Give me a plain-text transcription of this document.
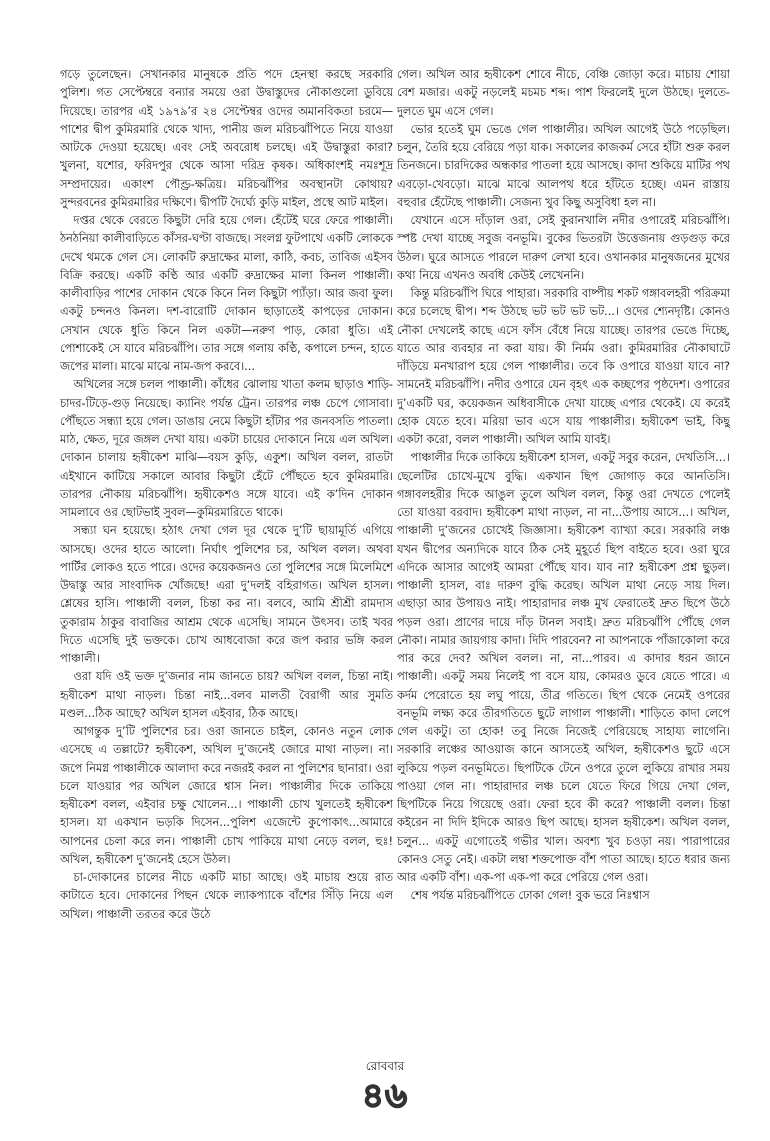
গড়ে তুলেছেন। সেখানকার মানুষকে প্রতি পদে হেনস্থা করছে সরকারি পুলিশ। গত সেপ্টেম্বরে বন্যার সময়ে ওরা উদ্বাস্তুদের নৌকাগুলো ডুবিয়ে দিয়েছে। তারপর এই ১৯৭৯’র ২৪ সেপ্টেম্বর ওদের অমানবিকতা চরমে—পাশের দ্বীপ কুমিরমারি থেকে খাদ্য, পানীয় জল মরিচঝাঁপিতে নিয়ে যাওয়া আটকে দেওয়া হয়েছে। এবং সেই অবরোধ চলছে। এই উদ্বাস্তুরা কারা? খুলনা, যশোর, ফরিদপুর থেকে আসা দরিদ্র কৃষক। অধিকাংশই নমঃশূদ্র সম্প্রদায়ের। একাংশ পৌণ্ড্র-ক্ষত্রিয়। মরিচঝাঁপির অবস্থানটা কোথায়? সুন্দরবনের কুমিরমারির দক্ষিণে। দ্বীপটি দৈর্ঘ্যে কুড়ি মাইল, প্রস্থে আট মাইল।

দপ্তর থেকে বেরতে কিছুটা দেরি হয়ে গেল। হেঁটেই ঘরে ফেরে পাঞ্চালী। ঠনঠনিয়া কালীবাড়িতে কাঁসর-ঘণ্টা বাজছে। সংলগ্ন ফুটপাথে একটি লোককে দেখে থমকে গেল সে। লোকটি রুদ্রাক্ষের মালা, কাঠি, কবচ, তাবিজ এইসব বিক্রি করছে। একটি কণ্ঠি আর একটি রুদ্রাক্ষের মালা কিনল পাঞ্চালী। কালীবাড়ির পাশের দোকান থেকে কিনে নিল কিছুটা প্যাঁড়া। আর জবা ফুল। একটু চন্দনও কিনল। দশ-বারোটি দোকান ছাড়াতেই কাপড়ের দোকান। সেখান থেকে ধুতি কিনে নিল একটা—নরুণ পাড়, কোরা ধুতি। এই পোশাকেই সে যাবে মরিচঝাঁপি। তার সঙ্গে গলায় কণ্ঠি, কপালে চন্দন, হাতে জপের মালা। মাঝে মাঝে নাম-জপ করবে।...

অখিলের সঙ্গে চলল পাঞ্চালী। কাঁধের ঝোলায় খাতা কলম ছাড়াও শাড়ি-চাদর-টিড়ে-গুড় নিয়েছে। ক্যানিং পর্যন্ত ট্রেন। তারপর লঞ্চ চেপে গোসাবা। পৌঁছতে সন্ধ্যা হয়ে গেল। ডাঙায় নেমে কিছুটা হাঁটার পর জনবসতি পাতলা। মাঠ, ক্ষেত, দূরে জঙ্গল দেখা যায়। একটা চায়ের দোকানে নিয়ে এল অখিল। দোকান চালায় হৃষীকেশ মাঝি—বয়স কুড়ি, একুশ। অখিল বলল, রাতটা এইখানে কাটিয়ে সকালে আবার কিছুটা হেঁটে পৌঁছতে হবে কুমিরমারি। তারপর নৌকায় মরিচঝাঁপি। হৃষীকেশও সঙ্গে যাবে। এই ক’দিন দোকান সামলাবে ওর ছোটভাই সুবল—কুমিরমারিতে থাকে।

সন্ধ্যা ঘন হয়েছে। হঠাৎ দেখা গেল দূর থেকে দু’টি ছায়ামূর্তি এগিয়ে আসছে। ওদের হাতে আলো। নির্ঘাৎ পুলিশের চর, অখিল বলল। অথবা পার্টির লোকও হতে পারে। ওদের কয়েকজনও তো পুলিশের সঙ্গে মিলেমিশে উদ্বাস্তু আর সাংবাদিক খোঁজছে! এরা দু’দলই বহিরাগত। অখিল হাসল। শ্লেষের হাসি। পাঞ্চালী বলল, চিন্তা কর না। বলবে, আমি শ্রীশ্রী রামদাস তুকারাম ঠাকুর বাবাজির আশ্রম থেকে এসেছি। সামনে উৎসব। তাই খবর দিতে এসেছি দুই ভক্তকে। চোখ আধবোজা করে জপ করার ভঙ্গি করল পাঞ্চালী।

ওরা যদি ওই ভক্ত দু’জনার নাম জানতে চায়? অখিল বলল, চিন্তা নাই। হৃষীকেশ মাথা নাড়ল। চিন্তা নাই...বলব মালতী বৈরাগী আর সুমতি মণ্ডল...ঠিক আছে? অখিল হাসল এইবার, ঠিক আছে।

আগন্তুক দু’টি পুলিশের চর। ওরা জানতে চাইল, কোনও নতুন লোক এসেছে এ তল্লাটে? হৃষীকেশ, অখিল দু’জনেই জোরে মাথা নাড়ল। না। জপে নিমগ্ন পাঞ্চালীকে আলাদা করে নজরই করল না পুলিশের ছানারা। ওরা চলে যাওয়ার পর অখিল জোরে শ্বাস নিল। পাঞ্চালীর দিকে তাকিয়ে হৃষীকেশ বলল, এইবার চক্ষু খোলেন...। পাঞ্চালী চোখ খুলতেই হৃষীকেশ হাসল। যা একখান ভড়কি দিসেন...পুলিশ এজেন্টে কুপোকাৎ...আমারে আপনের চেলা করে লন। পাঞ্চালী চোখ পাকিয়ে মাথা নেড়ে বলল, হুঃ! অখিল, হৃষীকেশ দু’জনেই হেসে উঠল।

চা-দোকানের চালের নীচে একটি মাচা আছে। ওই মাচায় শুয়ে রাত কাটাতে হবে। দোকানের পিছন থেকে ল্যাকপ্যাকে বাঁশের সিঁড়ি নিয়ে এল অখিল। পাঞ্চালী তরতর করে উঠে

গেল। অখিল আর হৃষীকেশ শোবে নীচে, বেঞ্চি জোড়া করে। মাচায় শোয়া বেশ মজার। একটু নড়লেই মচমচ শব্দ। পাশ ফিরলেই দুলে উঠছে। দুলতে-দুলতে ঘুম এসে গেল।

ভোর হতেই ঘুম ভেঙে গেল পাঞ্চালীর। অখিল আগেই উঠে পড়েছিল। চলুন, তৈরি হয়ে বেরিয়ে পড়া যাক। সকালের কাজকর্ম সেরে হাঁটা শুরু করল তিনজনে। চারদিকের অন্ধকার পাতলা হয়ে আসছে। কাদা শুকিয়ে মাটির পথ এবড়ো-খেবড়ো। মাঝে মাঝে আলপথ ধরে হাঁটতে হচ্ছে। এমন রাস্তায় বহুবার হেঁটেছে পাঞ্চালী। সেজন্য খুব কিছু অসুবিধা হল না।

যেখানে এসে দাঁড়াল ওরা, সেই কুরানখালি নদীর ওপারেই মরিচঝাঁপি। স্পষ্ট দেখা যাচ্ছে সবুজ বনভূমি। বুকের ভিতরটা উত্তেজনায় গুড়গুড় করে উঠল। ঘুরে আসতে পারলে দারুণ লেখা হবে। ওখানকার মানুষজনের মুখের কথা নিয়ে এখনও অবধি কেউই লেখেননি।

কিন্তু মরিচঝাঁপি ঘিরে পাহারা। সরকারি বাষ্পীয় শকট গঙ্গাবলহরী পরিক্রমা করে চলেছে দ্বীপ। শব্দ উঠছে ভট ভট ভট ভট...। ওদের শ্যেনদৃষ্টি। কোনও নৌকা দেখলেই কাছে এসে ফাঁস বেঁধে নিয়ে যাচ্ছে। তারপর ভেঙে দিচ্ছে, যাতে আর ব্যবহার না করা যায়। কী নির্মম ওরা। কুমিরমারির নৌকাঘাটে দাঁড়িয়ে মনখারাপ হয়ে গেল পাঞ্চালীর। তবে কি ওপারে যাওয়া যাবে না? সামনেই মরিচঝাঁপি। নদীর ওপারে যেন বৃহৎ এক কচ্ছপের পৃষ্ঠদেশ। ওপারের দু’একটি ঘর, কয়েকজন অধিবাসীকে দেখা যাচ্ছে এপার থেকেই। যে করেই হোক যেতে হবে। মরিয়া ভাব এসে যায় পাঞ্চালীর। হৃষীকেশ ভাই, কিছু একটা করো, বলল পাঞ্চালী। অখিল আমি যাবই।

পাঞ্চালীর দিকে তাকিয়ে হৃষীকেশ হাসল, একটু সবুর করেন, দেখতিসি...। ছেলেটির চোখে-মুখে বুদ্ধি। একখান ছিপ জোগাড় করে আনতিসি। গঙ্গাবলহরীর দিকে আঙুল তুলে অখিল বলল, কিন্তু ওরা দেখতে পেলেই তো যাওয়া বরবাদ। হৃষীকেশ মাথা নাড়ল, না না...উপায় আসে...। অখিল, পাঞ্চালী দু’জনের চোখেই জিজ্ঞাসা। হৃষীকেশ ব্যাখ্যা করে। সরকারি লঞ্চ যখন দ্বীপের অন্যদিকে যাবে ঠিক সেই মুহূর্তে ছিপ বাইতে হবে। ওরা ঘুরে এদিকে আসার আগেই আমরা পৌঁছে যাব। যাব না? হৃষীকেশ প্রশ্ন ছুড়ল। পাঞ্চালী হাসল, বাঃ দারুণ বুদ্ধি করেছ। অখিল মাথা নেড়ে সায় দিল। এছাড়া আর উপায়ও নাই। পাহারাদার লঞ্চ মুখ ফেরাতেই দ্রুত ছিপে উঠে পড়ল ওরা। প্রাণের দায়ে দাঁড় টানল সবাই। দ্রুত মরিচঝাঁপি পৌঁছে গেল নৌকা। নামার জায়গায় কাদা। দিদি পারবেন? না আপনাকে পাঁজাকোলা করে পার করে দেব? অখিল বলল। না, না...পারব। এ কাদার ধরন জানে পাঞ্চালী। একটু সময় নিলেই পা বসে যায়, কোমরও ডুবে যেতে পারে। এ কর্দম পেরোতে হয় লঘু পায়ে, তীব্র গতিতে। ছিপ থেকে নেমেই ওপরের বনভূমি লক্ষ্য করে তীরগতিতে ছুটে লাগাল পাঞ্চালী। শাড়িতে কাদা লেপে গেল একটু। তা হোক! তবু নিজে নিজেই পেরিয়েছে সাহায্য লাগেনি। সরকারি লঞ্চের আওয়াজ কানে আসতেই অখিল, হৃষীকেশও ছুটে এসে লুকিয়ে পড়ল বনভূমিতে। ছিপটিকে টেনে ওপরে তুলে লুকিয়ে রাখার সময় পাওয়া গেল না। পাহারাদার লঞ্চ চলে যেতে ফিরে গিয়ে দেখা গেল, ছিপটিকে নিয়ে গিয়েছে ওরা। ফেরা হবে কী করে? পাঞ্চালী বলল। চিন্তা কইরেন না দিদি ইদিকে আরও ছিপ আছে। হাসল হৃষীকেশ। অখিল বলল, চলুন... একটু এগোতেই গভীর খাল। অবশ্য খুব চওড়া নয়। পারাপারের কোনও সেতু নেই। একটা লম্বা শক্তপোক্ত বাঁশ পাতা আছে। হাতে ধরার জন্য আর একটি বাঁশ। এক-পা এক-পা করে পেরিয়ে গেল ওরা।

শেষ পর্যন্ত মরিচঝাঁপিতে ঢোকা গেল! বুক ভরে নিঃশ্বাস

রোববার
৪৬
